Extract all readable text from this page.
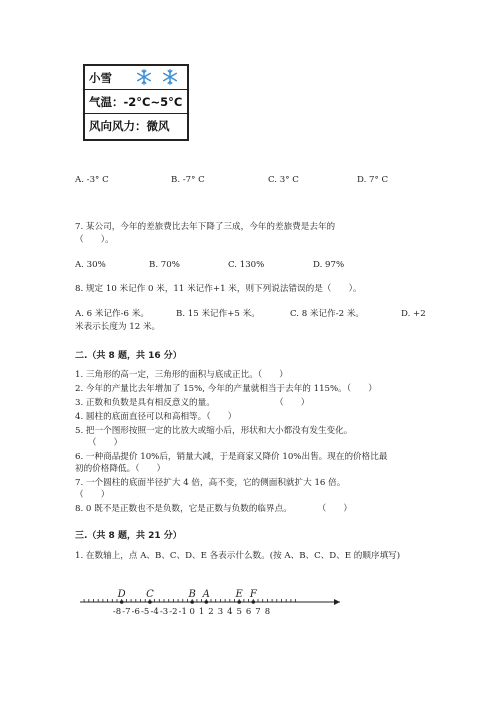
小雪
气温：-2°C~5°C
风向风力：微风
A. -3° C	B. -7° C	C. 3° C	D. 7° C
7. 某公司，今年的差旅费比去年下降了三成，今年的差旅费是去年的
（　　）。
A. 30%	B. 70%	C. 130%	D. 97%
8. 规定 10 米记作 0 米，11 米记作+1 米，则下列说法错误的是（　　）。
A. 6 米记作-6 米。	B. 15 米记作+5 米。	C. 8 米记作-2 米。	D. +2
米表示长度为 12 米。
二.（共 8 题，共 16 分）
1. 三角形的高一定，三角形的面积与底成正比。（　　）
2. 今年的产量比去年增加了 15%, 今年的产量就相当于去年的 115%。（　　）
3. 正数和负数是具有相反意义的量。　　　　　　　　（　　）
4. 圆柱的底面直径可以和高相等。（　　）
5. 把一个图形按照一定的比放大或缩小后，形状和大小都没有发生变化。
　　（　　）
6. 一种商品提价 10%后，销量大减，于是商家又降价 10%出售。现在的价格比最
初的价格降低。（　　）
7. 一个圆柱的底面半径扩大 4 倍，高不变，它的侧面积就扩大 16 倍。
（　　）
8. 0 既不是正数也不是负数，它是正数与负数的临界点。　　　　（　　）
三.（共 8 题，共 21 分）
1. 在数轴上，点 A、B、C、D、E 各表示什么数。(按 A、B、C、D、E 的顺序填写)
-8 -7 -6 -5 -4 -3 -2 -1 0 1 2 3 4 5 6 7 8
D C	B A	E F
